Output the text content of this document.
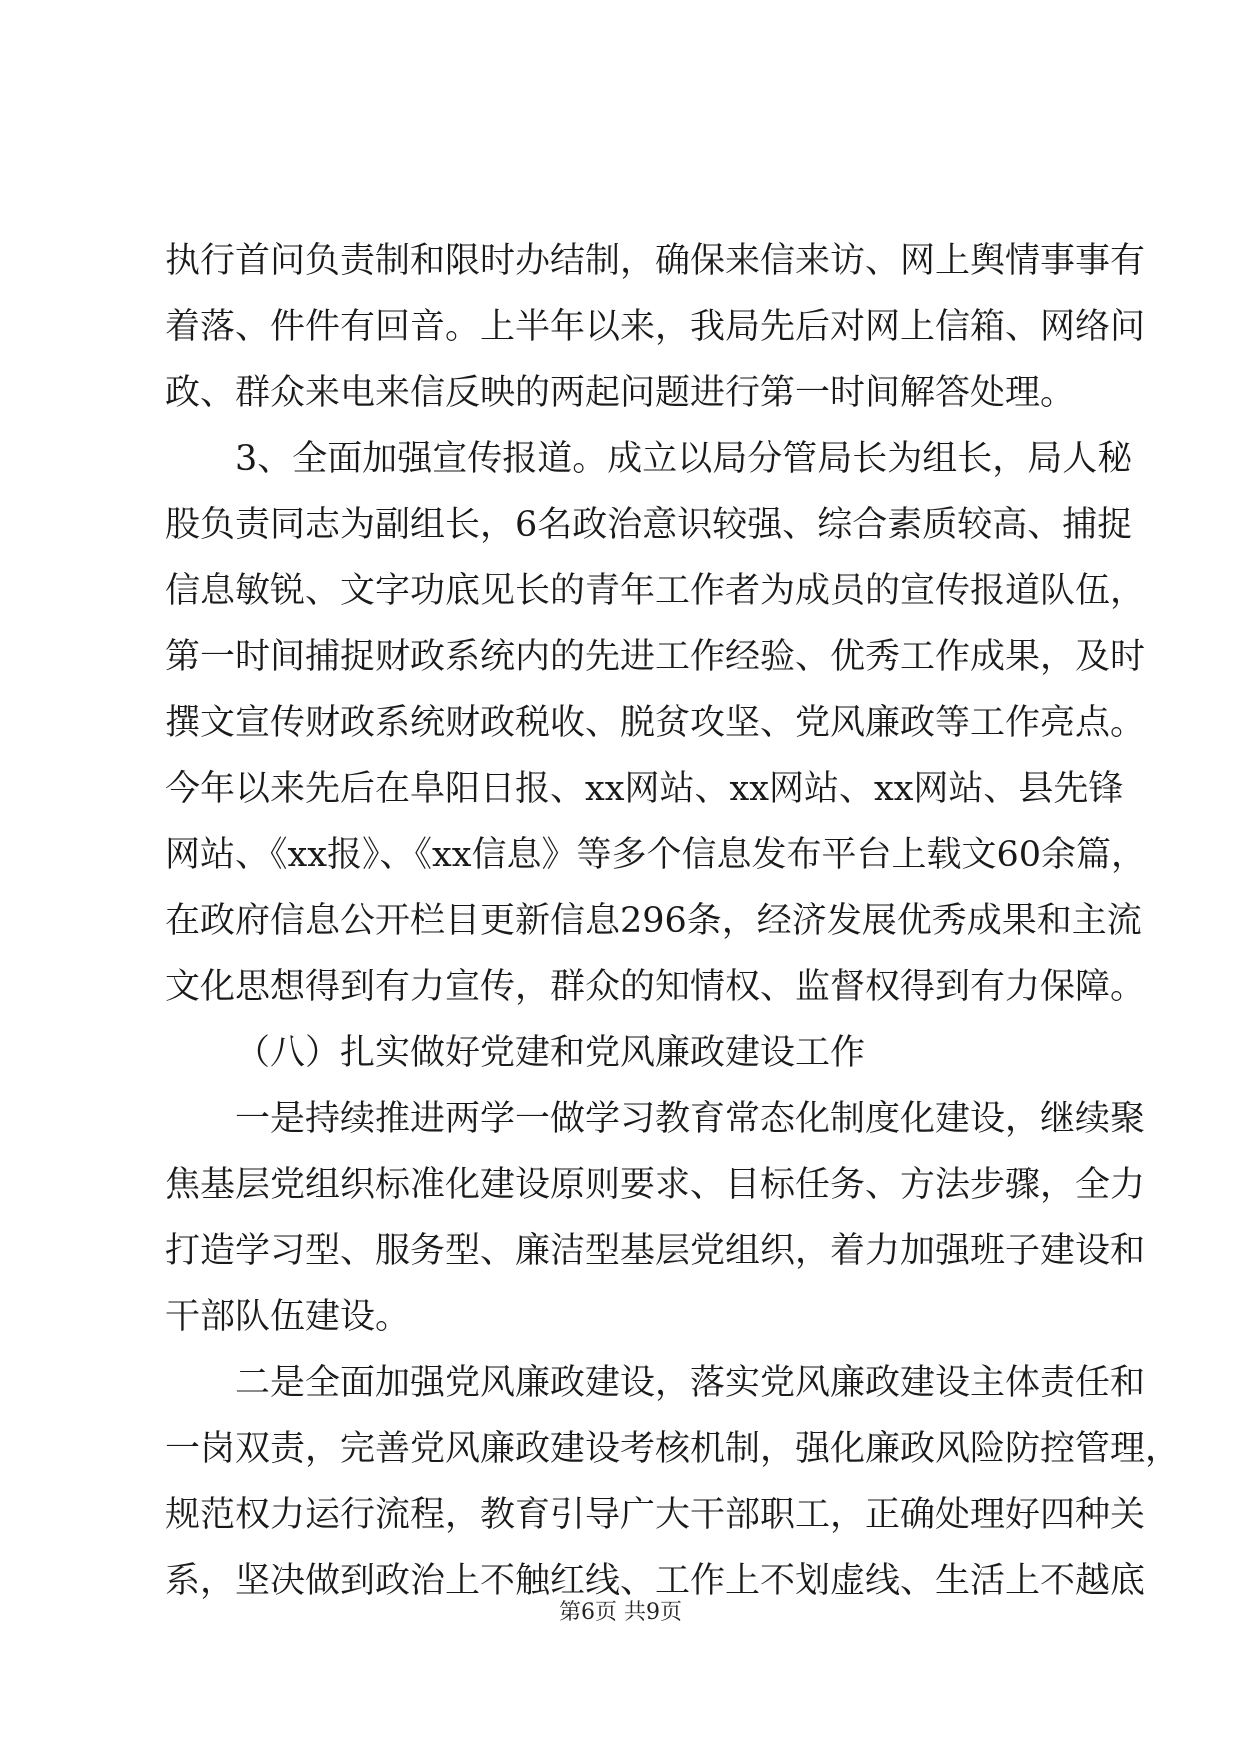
执行首问负责制和限时办结制，确保来信来访、网上舆情事事有
着落、件件有回音。上半年以来，我局先后对网上信箱、网络问
政、群众来电来信反映的两起问题进行第一时间解答处理。
3、全面加强宣传报道。成立以局分管局长为组长，局人秘
股负责同志为副组长，6名政治意识较强、综合素质较高、捕捉
信息敏锐、文字功底见长的青年工作者为成员的宣传报道队伍，
第一时间捕捉财政系统内的先进工作经验、优秀工作成果，及时
撰文宣传财政系统财政税收、脱贫攻坚、党风廉政等工作亮点。
今年以来先后在阜阳日报、xx网站、xx网站、xx网站、县先锋
网站、《xx报》、《xx信息》等多个信息发布平台上载文60余篇，
在政府信息公开栏目更新信息296条，经济发展优秀成果和主流
文化思想得到有力宣传，群众的知情权、监督权得到有力保障。
（八）扎实做好党建和党风廉政建设工作
一是持续推进两学一做学习教育常态化制度化建设，继续聚
焦基层党组织标准化建设原则要求、目标任务、方法步骤，全力
打造学习型、服务型、廉洁型基层党组织，着力加强班子建设和
干部队伍建设。
二是全面加强党风廉政建设，落实党风廉政建设主体责任和
一岗双责，完善党风廉政建设考核机制，强化廉政风险防控管理，
规范权力运行流程，教育引导广大干部职工，正确处理好四种关
系，坚决做到政治上不触红线、工作上不划虚线、生活上不越底
第6页 共9页
